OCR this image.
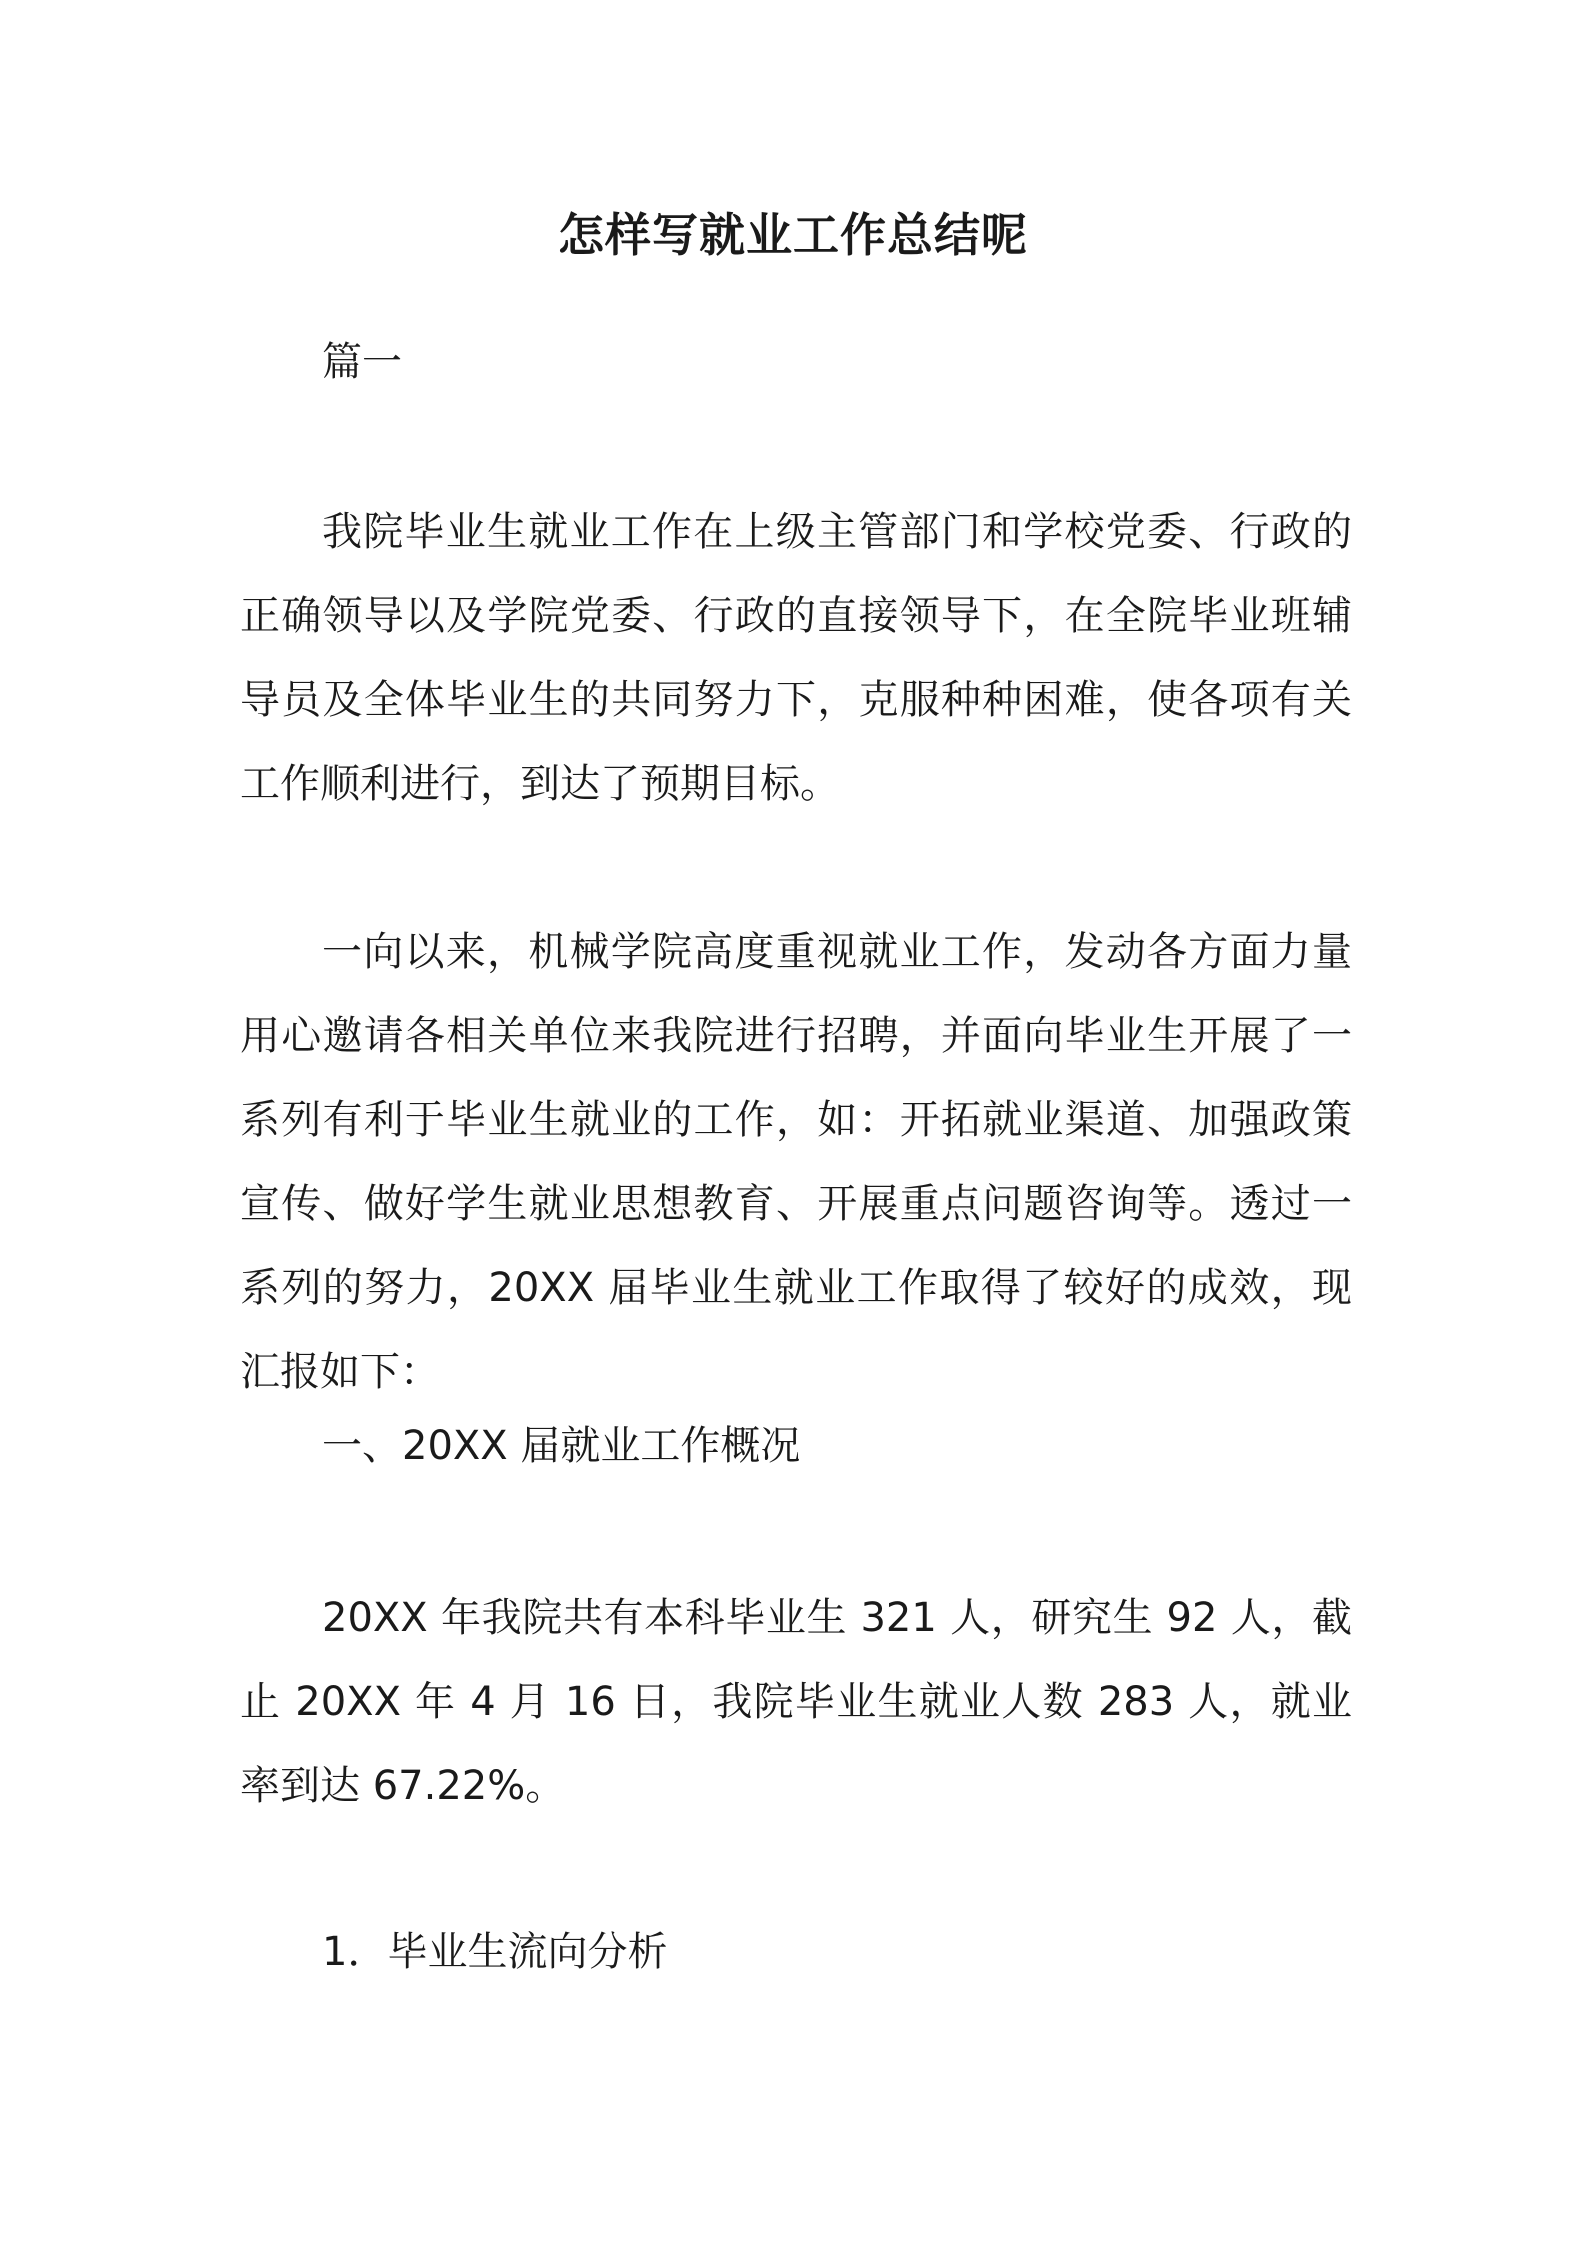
怎样写就业工作总结呢

篇一

我院毕业生就业工作在上级主管部门和学校党委、行政的正确领导以及学院党委、行政的直接领导下，在全院毕业班辅导员及全体毕业生的共同努力下，克服种种困难，使各项有关工作顺利进行，到达了预期目标。

一向以来，机械学院高度重视就业工作，发动各方面力量用心邀请各相关单位来我院进行招聘，并面向毕业生开展了一系列有利于毕业生就业的工作，如：开拓就业渠道、加强政策宣传、做好学生就业思想教育、开展重点问题咨询等。透过一系列的努力，20XX 届毕业生就业工作取得了较好的成效，现汇报如下：

一、20XX 届就业工作概况

20XX 年我院共有本科毕业生 321 人，研究生 92 人，截止 20XX 年 4 月 16 日，我院毕业生就业人数 283 人，就业率到达 67.22%。

1．毕业生流向分析
